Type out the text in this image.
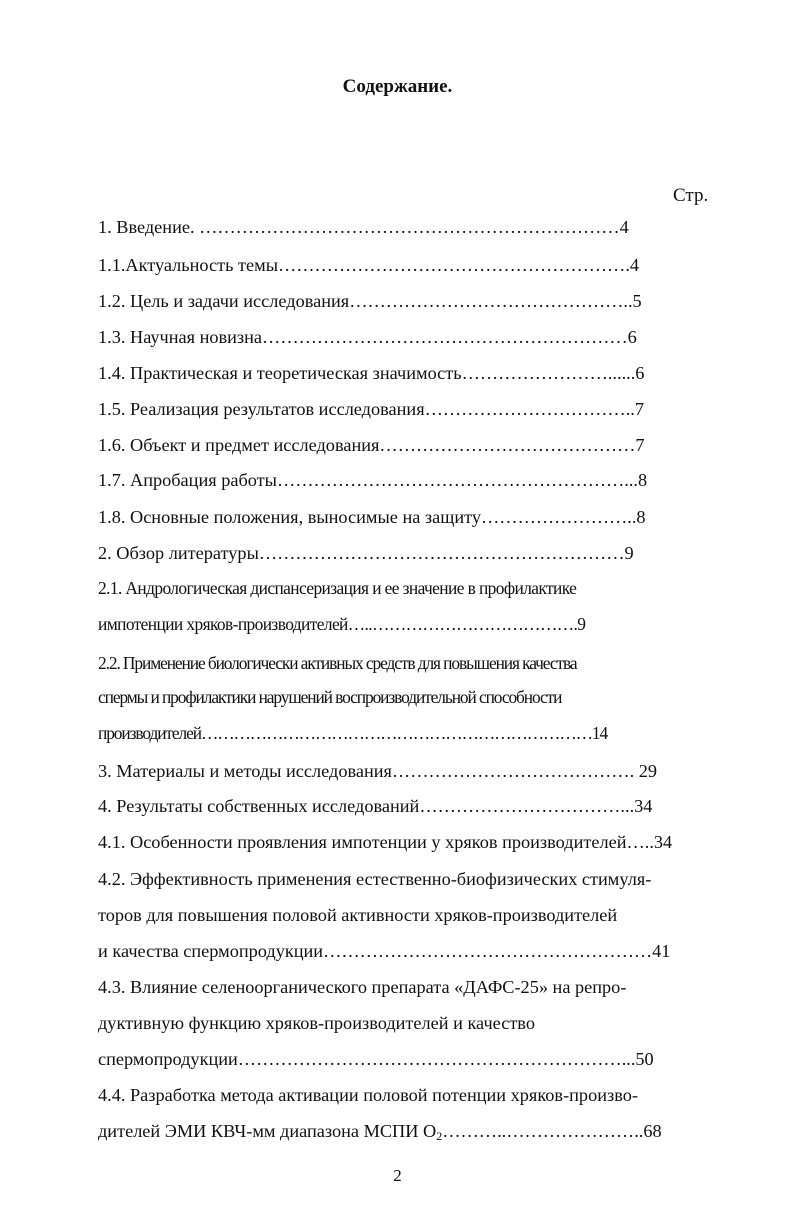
Содержание.
Стр.
1. Введение. ……………………………………………………………4
1.1.Актуальность темы………………………………………………….4
1.2. Цель и задачи исследования………………………………………..5
1.3. Научная новизна……………………………………………………6
1.4. Практическая и теоретическая значимость……………………......6
1.5. Реализация результатов исследования……………………………..7
1.6. Объект и предмет исследования……………………………………7
1.7. Апробация работы…………………………………………………...8
1.8. Основные положения, выносимые на защиту……………………..8
2. Обзор литературы……………………………………………………9
2.1. Андрологическая диспансеризация и ее значение в профилактике
импотенции хряков-производителей…..……………………………….9
2.2. Применение биологически активных средств для повышения качества
спермы и профилактики нарушений воспроизводительной способности
производителей………………………………………………………………14
3. Материалы и методы исследования…………………………………. 29
4. Результаты собственных исследований……………………………...34
4.1. Особенности проявления импотенции у хряков производителей…..34
4.2. Эффективность применения естественно-биофизических стимуля-
торов для повышения половой активности хряков-производителей
и качества спермопродукции………………………………………………41
4.3. Влияние селеноорганического препарата «ДАФС-25» на репро-
дуктивную функцию хряков-производителей и качество
спермопродукции………………………………………………………...50
4.4. Разработка метода активации половой потенции хряков-произво-
дителей ЭМИ КВЧ-мм диапазона МСПИ $О_2\dots\dots\dots..\dots\dots\dots\dots\dots\dots\dots..68$
2
